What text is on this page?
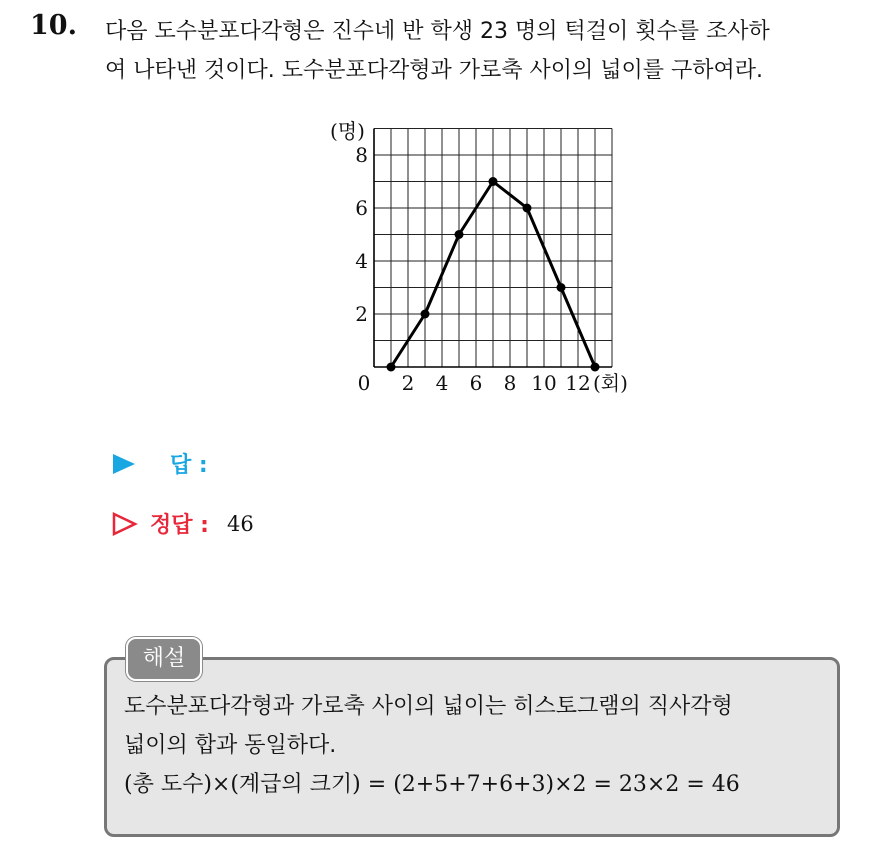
10. 다음 도수분포다각형은 진수네 반 학생 23 명의 턱걸이 횟수를 조사하
여 나타낸 것이다. 도수분포다각형과 가로축 사이의 넓이를 구하여라.
2
4
6
8
0 2 4 6 8 10 12
(명)
(회)
답 :
정답 : 46
해설
도수분포다각형과 가로축 사이의 넓이는 히스토그램의 직사각형
넓이의 합과 동일하다.
(총 도수)×(계급의 크기) = (2+5+7+6+3)×2 = 23×2 = 46
